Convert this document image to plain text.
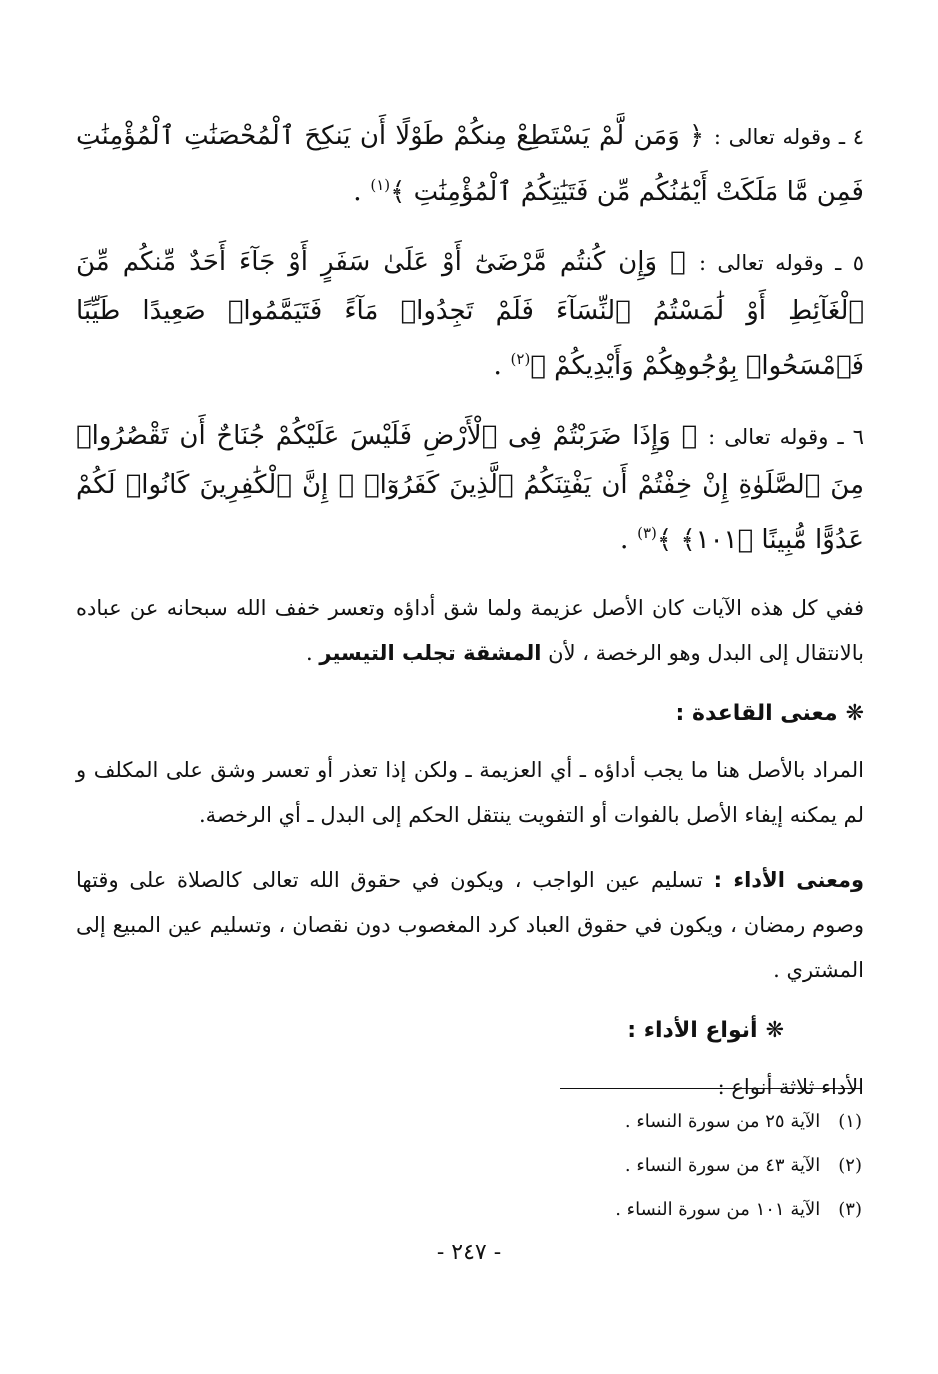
٤ ـ وقوله تعالى : ﴿ وَمَن لَّمْ يَسْتَطِعْ مِنكُمْ طَوْلًا أَن يَنكِحَ ٱلْمُحْصَنَٰتِ ٱلْمُؤْمِنَٰتِ فَمِن مَّا مَلَكَتْ أَيْمَٰنُكُم مِّن فَتَيَٰتِكُمُ ٱلْمُؤْمِنَٰتِ ﴾$^{(١)}$ .

٥ ـ وقوله تعالى : ﴿ وَإِن كُنتُم مَّرْضَىٰٓ أَوْ عَلَىٰ سَفَرٍ أَوْ جَآءَ أَحَدٌ مِّنكُم مِّنَ ٱلْغَآئِطِ أَوْ لَٰمَسْتُمُ ٱلنِّسَآءَ فَلَمْ تَجِدُوا۟ مَآءً فَتَيَمَّمُوا۟ صَعِيدًا طَيِّبًا فَٱمْسَحُوا۟ بِوُجُوهِكُمْ وَأَيْدِيكُمْ ﴾$^{(٢)}$ .

٦ ـ وقوله تعالى : ﴿ وَإِذَا ضَرَبْتُمْ فِى ٱلْأَرْضِ فَلَيْسَ عَلَيْكُمْ جُنَاحٌ أَن تَقْصُرُوا۟ مِنَ ٱلصَّلَوٰةِ إِنْ خِفْتُمْ أَن يَفْتِنَكُمُ ٱلَّذِينَ كَفَرُوٓا۟ ۚ إِنَّ ٱلْكَٰفِرِينَ كَانُوا۟ لَكُمْ عَدُوًّا مُّبِينًا ﴿١٠١﴾ ﴾$^{(٣)}$ .

ففي كل هذه الآيات كان الأصل عزيمة ولما شق أداؤه وتعسر خفف الله سبحانه عن عباده بالانتقال إلى البدل وهو الرخصة ، لأن المشقة تجلب التيسير .

❋معنى القاعدة :

المراد بالأصل هنا ما يجب أداؤه ـ أي العزيمة ـ ولكن إذا تعذر أو تعسر وشق على المكلف و لم يمكنه إيفاء الأصل بالفوات أو التفويت ينتقل الحكم إلى البدل ـ أي الرخصة.

ومعنى الأداء : تسليم عين الواجب ، ويكون في حقوق الله تعالى كالصلاة على وقتها وصوم رمضان ، ويكون في حقوق العباد كرد المغصوب دون نقصان ، وتسليم عين المبيع إلى المشتري .

❋أنواع الأداء :

الأداء ثلاثة أنواع :

(١)الآية ٢٥ من سورة النساء .
(٢)الآية ٤٣ من سورة النساء .
(٣)الآية ١٠١ من سورة النساء .
- ٢٤٧ -
